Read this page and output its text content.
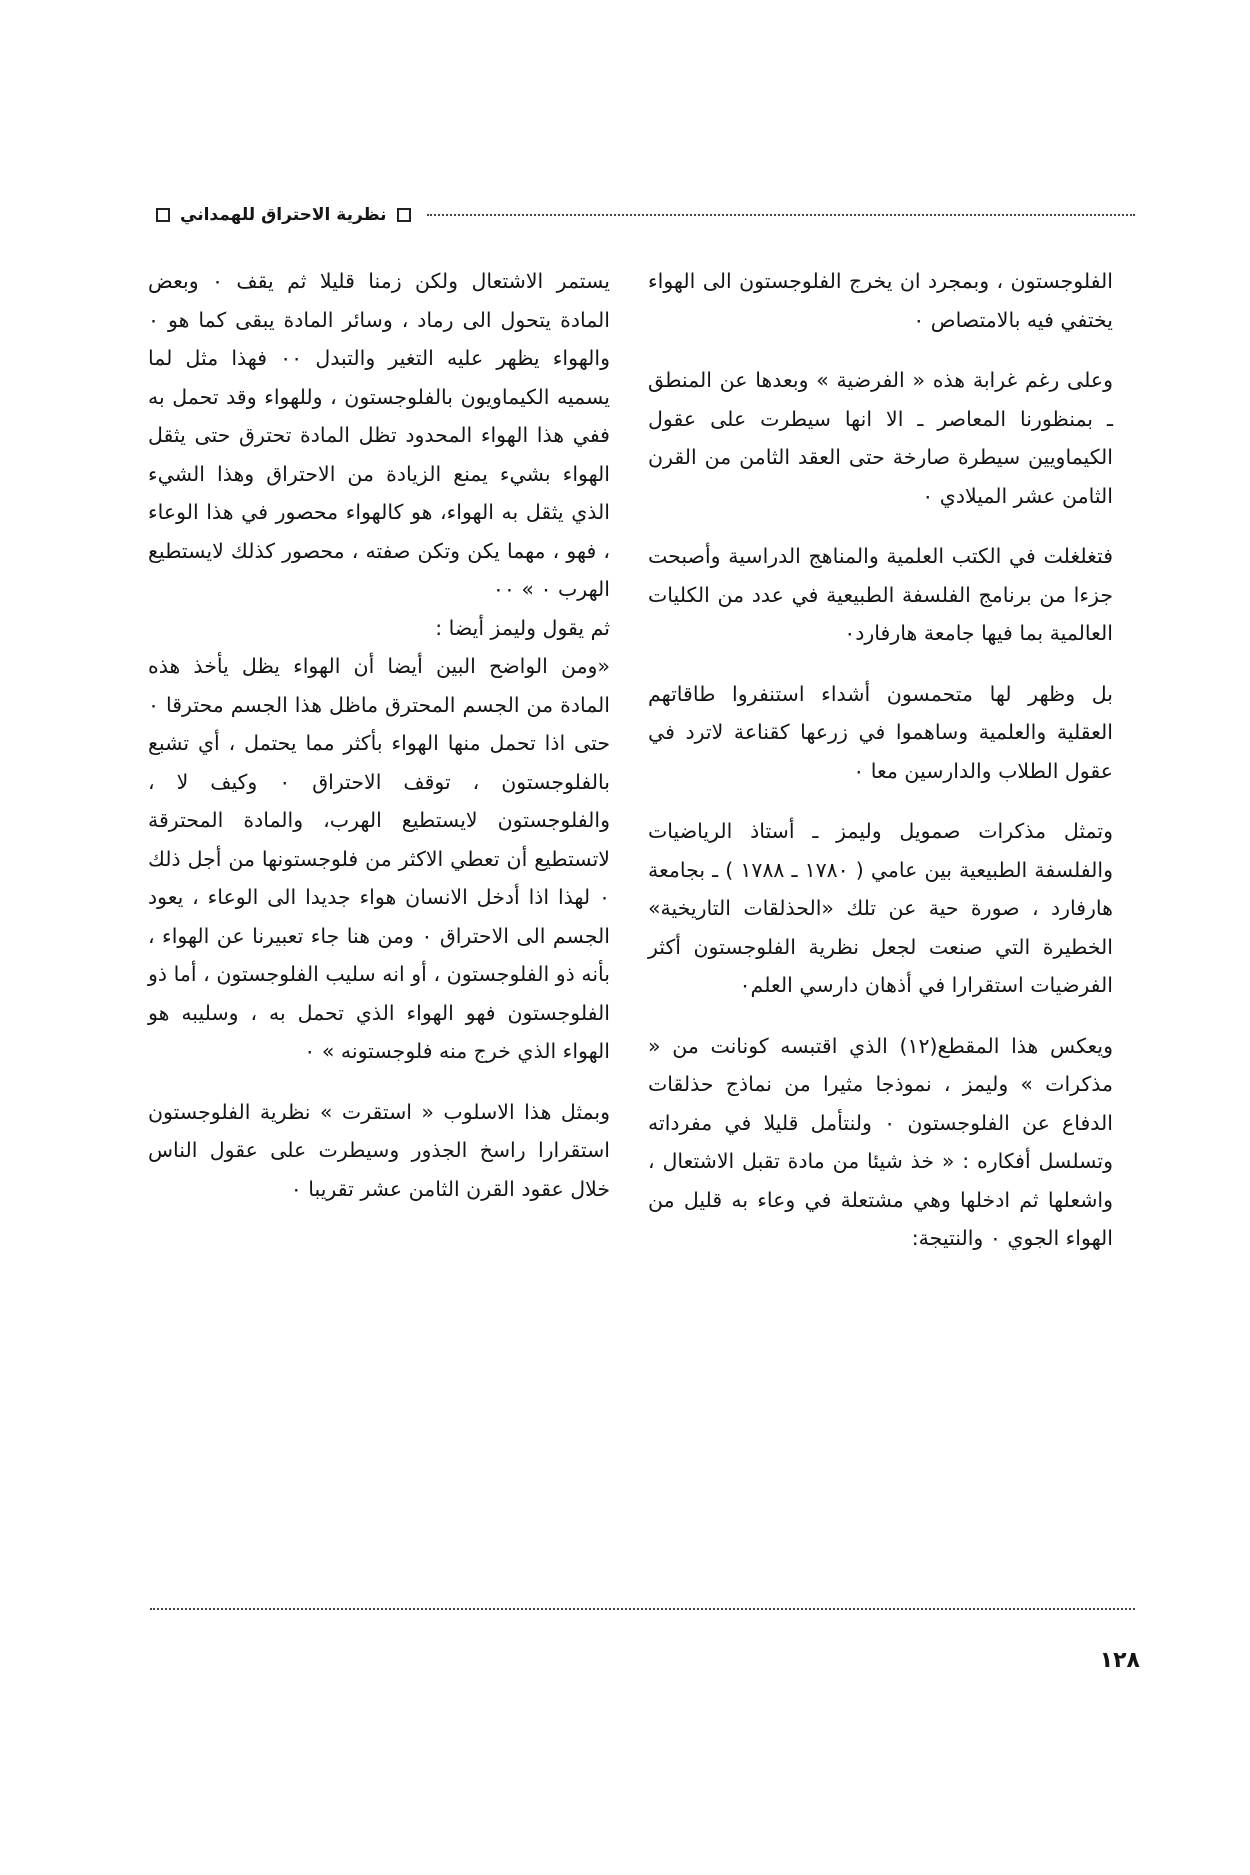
نظرية الاحتراق للهمداني

الفلوجستون ، وبمجرد ان يخرج الفلوجستون الى الهواء يختفي فيه بالامتصاص ٠

وعلى رغم غرابة هذه « الفرضية » وبعدها عن المنطق ـ بمنظورنا المعاصر ـ الا انها سيطرت على عقول الكيماويين سيطرة صارخة حتى العقد الثامن من القرن الثامن عشر الميلادي ٠

فتغلغلت في الكتب العلمية والمناهج الدراسية وأصبحت جزءا من برنامج الفلسفة الطبيعية في عدد من الكليات العالمية بما فيها جامعة هارفارد٠

بل وظهر لها متحمسون أشداء استنفروا طاقاتهم العقلية والعلمية وساهموا في زرعها كقناعة لاترد في عقول الطلاب والدارسين معا ٠

وتمثل مذكرات صمويل وليمز ـ أستاذ الرياضيات والفلسفة الطبيعية بين عامي ( ١٧٨٠ ـ ١٧٨٨ ) ـ بجامعة هارفارد ، صورة حية عن تلك «الحذلقات التاريخية» الخطيرة التي صنعت لجعل نظرية الفلوجستون أكثر الفرضيات استقرارا في أذهان دارسي العلم٠

ويعكس هذا المقطع(١٢) الذي اقتبسه كونانت من « مذكرات » وليمز ، نموذجا مثيرا من نماذج حذلقات الدفاع عن الفلوجستون ٠ ولنتأمل قليلا في مفرداته وتسلسل أفكاره : « خذ شيئا من مادة تقبل الاشتعال ، واشعلها ثم ادخلها وهي مشتعلة في وعاء به قليل من الهواء الجوي ٠ والنتيجة:

يستمر الاشتعال ولكن زمنا قليلا ثم يقف ٠ وبعض المادة يتحول الى رماد ، وسائر المادة يبقى كما هو ٠ والهواء يظهر عليه التغير والتبدل ٠٠ فهذا مثل لما يسميه الكيماويون بالفلوجستون ، وللهواء وقد تحمل به ففي هذا الهواء المحدود تظل المادة تحترق حتى يثقل الهواء بشيء يمنع الزيادة من الاحتراق وهذا الشيء الذي يثقل به الهواء، هو كالهواء محصور في هذا الوعاء ، فهو ، مهما يكن وتكن صفته ، محصور كذلك لايستطيع الهرب ٠ » ٠٠

ثم يقول وليمز أيضا :

«ومن الواضح البين أيضا أن الهواء يظل يأخذ هذه المادة من الجسم المحترق ماظل هذا الجسم محترقا ٠ حتى اذا تحمل منها الهواء بأكثر مما يحتمل ، أي تشبع بالفلوجستون ، توقف الاحتراق ٠ وكيف لا ، والفلوجستون لايستطيع الهرب، والمادة المحترقة لاتستطيع أن تعطي الاكثر من فلوجستونها من أجل ذلك ٠ لهذا اذا أدخل الانسان هواء جديدا الى الوعاء ، يعود الجسم الى الاحتراق ٠ ومن هنا جاء تعبيرنا عن الهواء ، بأنه ذو الفلوجستون ، أو انه سليب الفلوجستون ، أما ذو الفلوجستون فهو الهواء الذي تحمل به ، وسليبه هو الهواء الذي خرج منه فلوجستونه » ٠

وبمثل هذا الاسلوب « استقرت » نظرية الفلوجستون استقرارا راسخ الجذور وسيطرت على عقول الناس خلال عقود القرن الثامن عشر تقريبا ٠

١٢٨
